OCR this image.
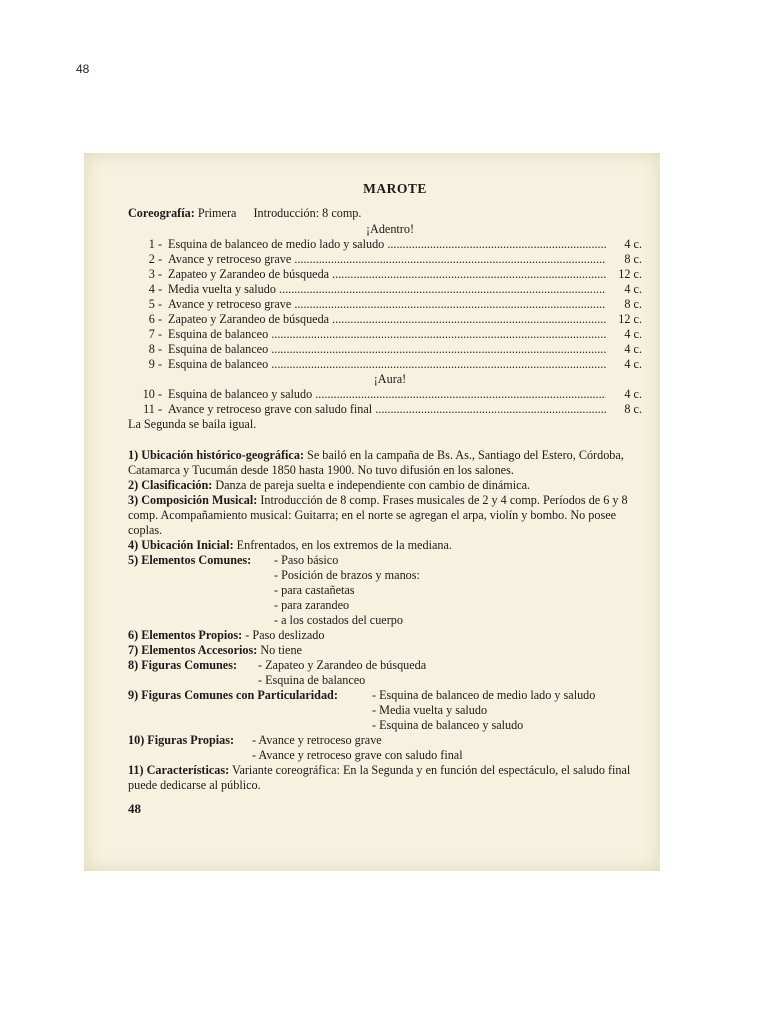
48
MAROTE
Coreografía: Primera Introducción: 8 comp.
¡Adentro!
1 - Esquina de balanceo de medio lado y saludo .....	4 c.
2 - Avance y retroceso grave .....	8 c.
3 - Zapateo y Zarandeo de búsqueda .....	12 c.
4 - Media vuelta y saludo .....	4 c.
5 - Avance y retroceso grave .....	8 c.
6 - Zapateo y Zarandeo de búsqueda .....	12 c.
7 - Esquina de balanceo .....	4 c.
8 - Esquina de balanceo .....	4 c.
9 - Esquina de balanceo .....	4 c.
¡Aura!
10 - Esquina de balanceo y saludo .....	4 c.
11 - Avance y retroceso grave con saludo final .....	8 c.
La Segunda se baila igual.
1) Ubicación histórico-geográfica: Se bailó en la campaña de Bs. As., Santiago del Estero, Córdoba, Catamarca y Tucumán desde 1850 hasta 1900. No tuvo difusión en los salones.
2) Clasificación: Danza de pareja suelta e independiente con cambio de dinámica.
3) Composición Musical: Introducción de 8 comp. Frases musicales de 2 y 4 comp. Períodos de 6 y 8 comp. Acompañamiento musical: Guitarra; en el norte se agregan el arpa, violín y bombo. No posee coplas.
4) Ubicación Inicial: Enfrentados, en los extremos de la mediana.
5) Elementos Comunes:	- Paso básico
- Posición de brazos y manos:
- para castañetas
- para zarandeo
- a los costados del cuerpo
6) Elementos Propios: - Paso deslizado
7) Elementos Accesorios: No tiene
8) Figuras Comunes:	- Zapateo y Zarandeo de búsqueda
- Esquina de balanceo
9) Figuras Comunes con Particularidad:	- Esquina de balanceo de medio lado y saludo
- Media vuelta y saludo
- Esquina de balanceo y saludo
10) Figuras Propias:	- Avance y retroceso grave
- Avance y retroceso grave con saludo final
11) Características: Variante coreográfica: En la Segunda y en función del espectáculo, el saludo final puede dedicarse al público.
48
